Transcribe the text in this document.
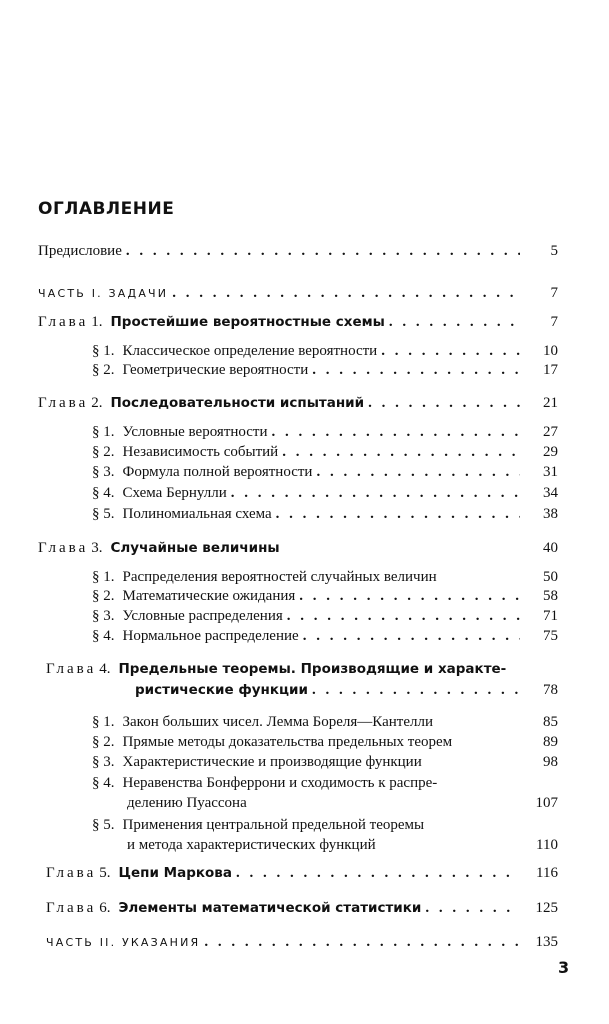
ОГЛАВЛЕНИЕ
Предисловие . . .	5
ЧАСТЬ I. ЗАДАЧИ . . .	7
Глава 1. Простейшие вероятностные схемы . . .	7
§ 1. Классическое определение вероятности . . .	10
§ 2. Геометрические вероятности . . .	17
Глава 2. Последовательности испытаний . . .	21
§ 1. Условные вероятности . . .	27
§ 2. Независимость событий . . .	29
§ 3. Формула полной вероятности . . .	31
§ 4. Схема Бернулли . . .	34
§ 5. Полиномиальная схема . . .	38
Глава 3. Случайные величины	40
§ 1. Распределения вероятностей случайных величин	50
§ 2. Математические ожидания . . .	58
§ 3. Условные распределения . . .	71
§ 4. Нормальное распределение . . .	75
Глава 4. Предельные теоремы. Производящие и характе-
ристические функции . . .	78
§ 1. Закон больших чисел. Лемма Бореля—Кантелли	85
§ 2. Прямые методы доказательства предельных теорем	89
§ 3. Характеристические и производящие функции	98
§ 4. Неравенства Бонферрони и сходимость к распре-
делению Пуассона	107
§ 5. Применения центральной предельной теоремы
и метода характеристических функций	110
Глава 5. Цепи Маркова . . .	116
Глава 6. Элементы математической статистики . . .	125
ЧАСТЬ II. УКАЗАНИЯ . . .	135
3
